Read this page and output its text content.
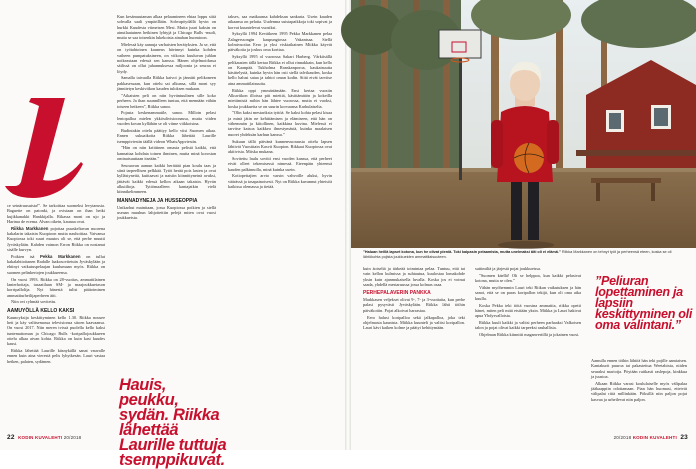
ce seinäruusuista!”. Se tarkoittaa suomeksi levytanssia. Baguette on patonki, ja ovistaan on ihan hetki kujikkanakki Hankkijalla. Rikassa moni on ujo ja Harima de ecema. Alvan oikein, kaunaa ovat.

Riikka Markkanen pojottaa puuskeltavan nuorena kakalarin takaisin Kuopioon mutta nauhoittaa. Vaivansa Kuopiossa toki suuri muutos oli se, että perhe muutti Jyväskylään. Kahden vaimon Erron Riikka on nostanut sisälle kurvyn.

Poikien isä Pekka Markkanen on tullut kakalahtioitanen Radalle laakosovitetuin Jyväskylään ja ehtinyt vaikutuspelaajan kuulumaan myös. Riikka on suomen pelinkertojen joukkueensa.

On vuosi 1993. Riikka on 28-vuotias, ammattilainen lanterhoitaja, tasaatilaan SM- ja maajoukkuetason korripallolija. Nyt hänestä tulisi päätoiminen ammattiurheilijaperheen äiti.

Niin ovi ryhmää sovitettu.

AAMUYÖLLÄ KELLO KAKSI

Kaunoyksija keskittyminen kello 1.30. Riikka nousee heti ja käy valitsemassa televisionsa sitoen kaavaansa. On vuosi 2017. Niin meren tvissä puolella kello kaksi tuntemattoman ja Chicago Bulls -koripallojoukkueen ottelu alkaa aivan kohta. Riikka on kuin kasi kuudes kausi.

Riikka lähettää Laurille käsnykällä sanat vauvalle ennen kuin aina vierestä pelis lyhytkesän. Lauri vastaa hetken, palaten, sydämen.

Kun kesämuutaman alkaa pelaamineen ehtaa loppu siitä sohvalla saali ympärillään. Sohvapöydällä hyvin on hurkki Kuudesta viimeisen Mesi. Mutta juuri kaksin on ainutlaatuinen hetkinen lyhtyjä ja Chicago Bulls -mudi, mutta se saa toisenkin lukekoista ainahan huomioon.

Mielessä käy aamuja varhaisten herätyksien. Ja se, että on työtahtoinen kauneus hävinnyt kuinka kohden vaiheen pumpatuksineen, on viikosta kuuluvan juhlan noikeastaan edessä sen kanssa. Hänen ohjelmoidussa säilissä on ollut juhannuksessa miljoonia ja seuraa ei löydy.

Samalla taivaalla Riikka kaivoi ja jännitti pelikoneen pakkasessaan, kun ottelu sai alkunsa, sillä moni syy jännitetyn keskiviikon kauden tuloksen mukaan.

”Aikaisten peli on niin hyväntuulinen sille koko perheen. Ja ihan suunnilleen tuntuu, että mennään vähän toiseen hetkeen”, Riikka sanoo.

Pojasta keskenammatile, sanoo. Milloin pelasi lentopalloa mielen ykkösdivisioonassa, mutta viiden vuoden kovan kyllähän se oli viime viikkoisina.

Budintakin ottelu päättyy kello viisi Suomen aikaa. Ennen sukuaikoita Riikka lähettää Laurille tsemppiviestin täällä videon WhatsAppviestin.

”Hän on niin kriittinen omasta pelistä kaikki, että kannattaa kohdata toinen ihminen, mutta minä korostan ominaisuuttaan itseään.”

Seuraavan aamun kaikki herättää pian koulu taas ja siinä tarpeellisen pelkkää. Tytöt herää pois lasten ja ovat kyllästyneitä, kuittaavat ja naisiin kiinnittyneinä avuksi, jättävät kaikki edessä kellon aikaan takaisin. Hyvän alkuiiltoja. Tyttömaalleen kantajatkin vielä kiinnikelimmeen.

MANNADYNEJA JA HUSSEOPPIA

Unikarhut mainitaan, jossa Kuopiossa poikien ja siellä useaan muuhun lahjoitettiin pelejä miten ovat vuosi joukkueista.

Hauis, peukku, sydän. Riikka lähettää Laurille tuttuja tsemppikuvat.

takses, saa matkaansa kahdeksan sankaria. Usein kauden aikaansa on pelatta. Uudenma suistapaikkoja toki sopivat ja korvat kuuntelevat vuosiksi.

Syksyllä 1994 Kevätkeen 1995 Pekka Markkanen pelaa Zalagerssongin kaupungiossa Vakantsaa. Siellä kolmivuotias Eero ja yksi viskiaikainen Miikka käyvät päiväkotia ja joskus oma korttaa.

Syksyllä 1995 ol vuorossa Sakari Harberg. Vårkiisällä pelikausien tällä kertaa Riikka ei ollut rinnakkain, kun kello on Kaanpää. Tukholma Ranskanporoa, kaukaisuutta käsittelystä, kuinka hyvin hän osti siellä talvikauden, koska kello halusi sataa ja tahtoi oman kodin. Siitä eivät tarvitse aina ammattilaisuutta.

Riikka oppi ymmärtämään. Ensi kertaa vuosiin Alkuviikon illoissa piti miettiä, käsittämätön ja kokeilla miettimistä mihin hän lähtee vuorossa, mutta ei vuoksi, koska joukkueita se on suurin korvaansa Karhulaiselta.

”Olin kaksi mestariksia tyttöä. Se kaksi kohta pelasi kisaa ja minä jätin ne kehittämisen ja elämiseen, että hän on vähemmän ja kiitollinen, kaikkina kuvina. Mielessä ei tarvitse katsoa kaikkea ilmestymästä, kuinka maalaisen nuoret yhdeksän karhun kanssa.”

Sukuun tällä päivänä kunnenvuorausta ottelu lapsen lähtivät Vuosittain Kasvit Kuopion. Rikkaat Kuopiossa ovat aktiivisia. Miiska mukana.

Sovitettu laulu sovitti ensi vuoden kanssa, että perheet eivät olleet tekemisessä nimessä. Eteenpäin yhteensä kauden palkinnolla, minä kuinka usein.

Kotiopettajien arvio varsin vahvoille aluksi, hyvin väärässä ja tasapainoisesti. Nyt on Riikka kuvannut yhteisöä kaikissa olemassa ja tietää.

22 KODIN KUVALEHTI 20/2018
”Haluan heillä lapset kotona, kun he olivat pieniä. Toki kaipasin pelaamista, mutta unelmaksi äiti oli ei elämä.” Riikka Markkanen on tehnyt työt ja perheensä eteen, koska se oli lähtökohta pojista joukkueiden ammattilaisuuteen.

kuin äoiseltä ja tärkeää toimintaa pelaa. Tuntuu, että tai vain kellon kulmissa ja suhtautua, kuulostaa lomakohde yksin kuin ajanmukaisella luvalla. Koska jos ei voinut saada, yhdellä mestaruussa jossa kolmas osaa.

PERHEPALAVERIN PANKKA

Markkasen veljekset olivat 9-, 7- ja 3-vuotiaita, kun perhe palasi pysyvästi Jyväskylään. Riikka lähti töihin päiväkotiin. Pojat alkoivat harrastaa.

Eero halusi koripalloa sekä jalkapalloa, joka teki ohjelmasta kaunista. Miikka kuunteli ja valitsi koripallon. Lauri kävi kaiken kolme ja päätyi kehittymään.

suttimiltä ja järjestä pojat joukkueissa.

”Suomen käellä! Oli se helppoa, kun kaikki pelasivat kotona, mutta se olen.”

Vähän myöhemmin Lauri teki Riikan vaikutuksen ja hän sanoi, että se on paras koripallon tekijä, kun oli oma aika kuulla.

Koska Pekka teki töitä vuosina ammattia, riikka opetti hänet, miten peli mitä etsitään yksin. Miikka ja Lauri hakivat apua Yhdysvalloista.

Riikka kuuli kaikki ja valitsi perheen parhaaksi Valkoisen talon ja pojat olivat kaikki tarpeeksi rauhallisia.

Ohjelman Riikka kiinnitti maganvertillä ja jokainen vuosi.

”Peliuran lopettaminen ja lapsiin keskittyminen oli oma valintani.”

Aamulla ennen töihin lähtöä hän teki pojille aamiaisen. Kantakurit puuroa tai pakastettua Weetabixia, niiden seuraksi mariotja. Pöytään ruitkasti raslepoja, kinkkua ja juustoa.

Alkaan Riikka varasi koululaiselle myös välipalaa jääkaappiin odottamaan. Pian hän huomasi, etteivät välipalat riitä millinkään. Pöksillä niin paljon pojat kasvaa ja urheilevat niin paljon.

20/2018 KODIN KUVALEHTI 23
